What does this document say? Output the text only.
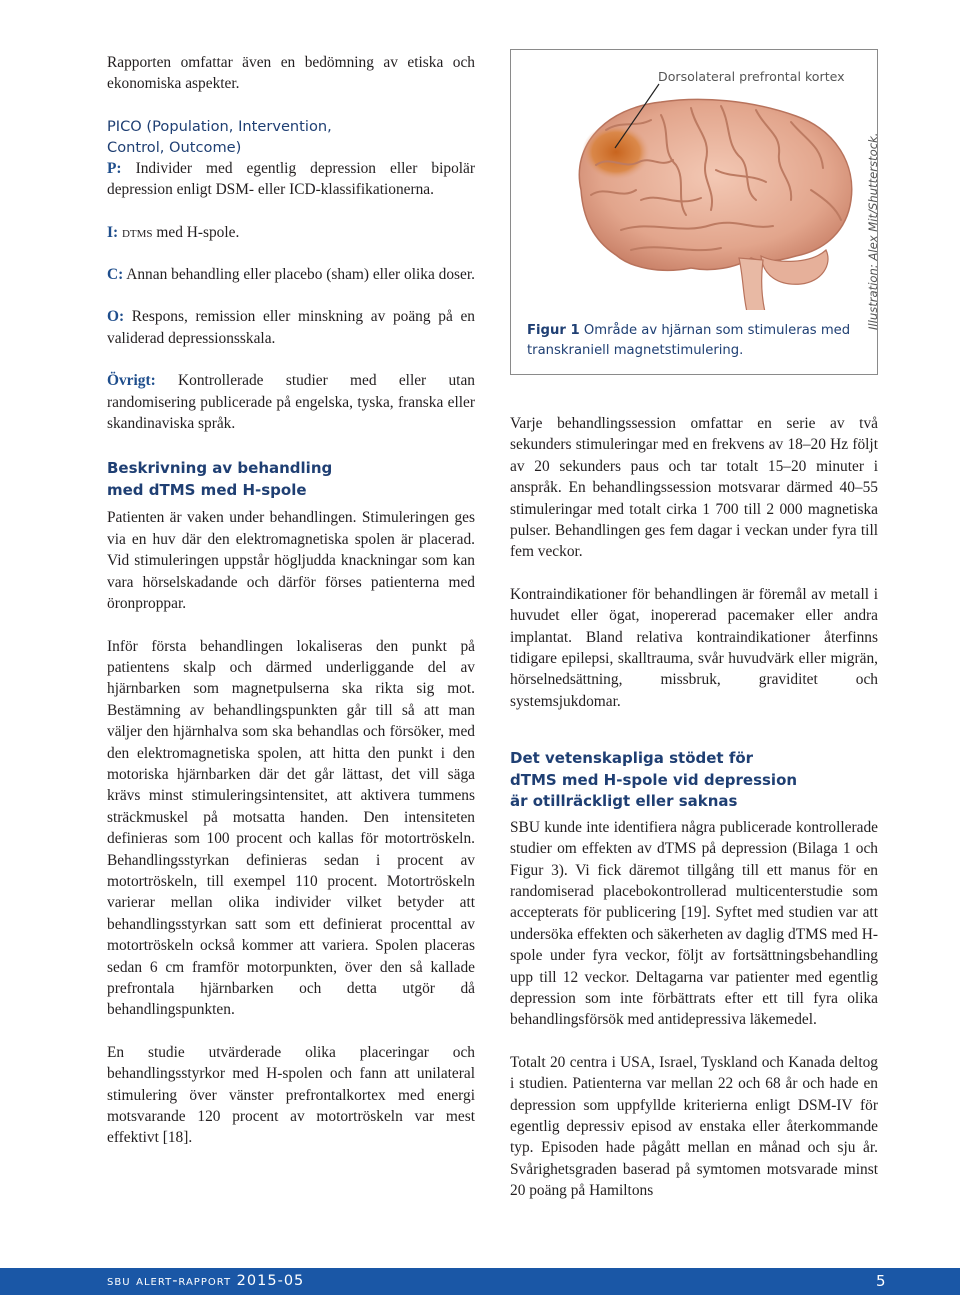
Rapporten omfattar även en bedömning av etiska och ekonomiska aspekter.

PICO (Population, Intervention,

Control, Outcome)

P: Individer med egentlig depression eller bipolär depression enligt DSM- eller ICD-klassifikationerna.

I: dtms med H-spole.

C: Annan behandling eller placebo (sham) eller olika doser.

O: Respons, remission eller minskning av poäng på en validerad depressionsskala.

Övrigt: Kontrollerade studier med eller utan randomisering publicerade på engelska, tyska, franska eller skandinaviska språk.

Beskrivning av behandling

med dTMS med H-spole

Patienten är vaken under behandlingen. Stimuleringen ges via en huv där den elektromagnetiska spolen är placerad. Vid stimuleringen uppstår högljudda knackningar som kan vara hörselskadande och därför förses patienterna med öronproppar.

Inför första behandlingen lokaliseras den punkt på patientens skalp och därmed underliggande del av hjärnbarken som magnetpulserna ska rikta sig mot. Bestämning av behandlingspunkten går till så att man väljer den hjärnhalva som ska behandlas och försöker, med den elektromagnetiska spolen, att hitta den punkt i den motoriska hjärnbarken där det går lättast, det vill säga krävs minst stimuleringsintensitet, att aktivera tummens sträckmuskel på motsatta handen. Den intensiteten definieras som 100 procent och kallas för motortröskeln. Behandlingsstyrkan definieras sedan i procent av motortröskeln, till exempel 110 procent. Motortröskeln varierar mellan olika individer vilket betyder att behandlingsstyrkan satt som ett definierat procenttal av motortröskeln också kommer att variera. Spolen placeras sedan 6 cm framför motorpunkten, över den så kallade prefrontala hjärnbarken och detta utgör då behandlingspunkten.

En studie utvärderade olika placeringar och behandlingsstyrkor med H-spolen och fann att unilateral stimulering över vänster prefrontalkortex med energi motsvarande 120 procent av motortröskeln var mest effektivt [18].

Dorsolateral prefrontal kortex
Illustration: Alex Mit/Shutterstock.
Figur 1 Område av hjärnan som stimuleras med transkraniell magnetstimulering.

Varje behandlingssession omfattar en serie av två sekunders stimuleringar med en frekvens av 18–20 Hz följt av 20 sekunders paus och tar totalt 15–20 minuter i anspråk. En behandlingssession motsvarar därmed 40–55 stimuleringar med totalt cirka 1 700 till 2 000 magnetiska pulser. Behandlingen ges fem dagar i veckan under fyra till fem veckor.

Kontraindikationer för behandlingen är föremål av metall i huvudet eller ögat, inopererad pacemaker eller andra implantat. Bland relativa kontraindikationer återfinns tidigare epilepsi, skalltrauma, svår huvudvärk eller migrän, hörselnedsättning, missbruk, graviditet och systemsjukdomar.

Det vetenskapliga stödet för

dTMS med H-spole vid depression

är otillräckligt eller saknas

SBU kunde inte identifiera några publicerade kontrollerade studier om effekten av dTMS på depression (Bilaga 1 och Figur 3). Vi fick däremot tillgång till ett manus för en randomiserad placebokontrollerad multicenterstudie som accepterats för publicering [19]. Syftet med studien var att undersöka effekten och säkerheten av daglig dTMS med H-spole under fyra veckor, följt av fortsättningsbehandling upp till 12 veckor. Deltagarna var patienter med egentlig depression som inte förbättrats efter ett till fyra olika behandlingsförsök med antidepressiva läkemedel.

Totalt 20 centra i USA, Israel, Tyskland och Kanada deltog i studien. Patienterna var mellan 22 och 68 år och hade en depression som uppfyllde kriterierna enligt DSM-IV för egentlig depressiv episod av enstaka eller återkommande typ. Episoden hade pågått mellan en månad och sju år. Svårighetsgraden baserad på symtomen motsvarade minst 20 poäng på Hamiltons

sbu alert-rapport 2015-05	5
